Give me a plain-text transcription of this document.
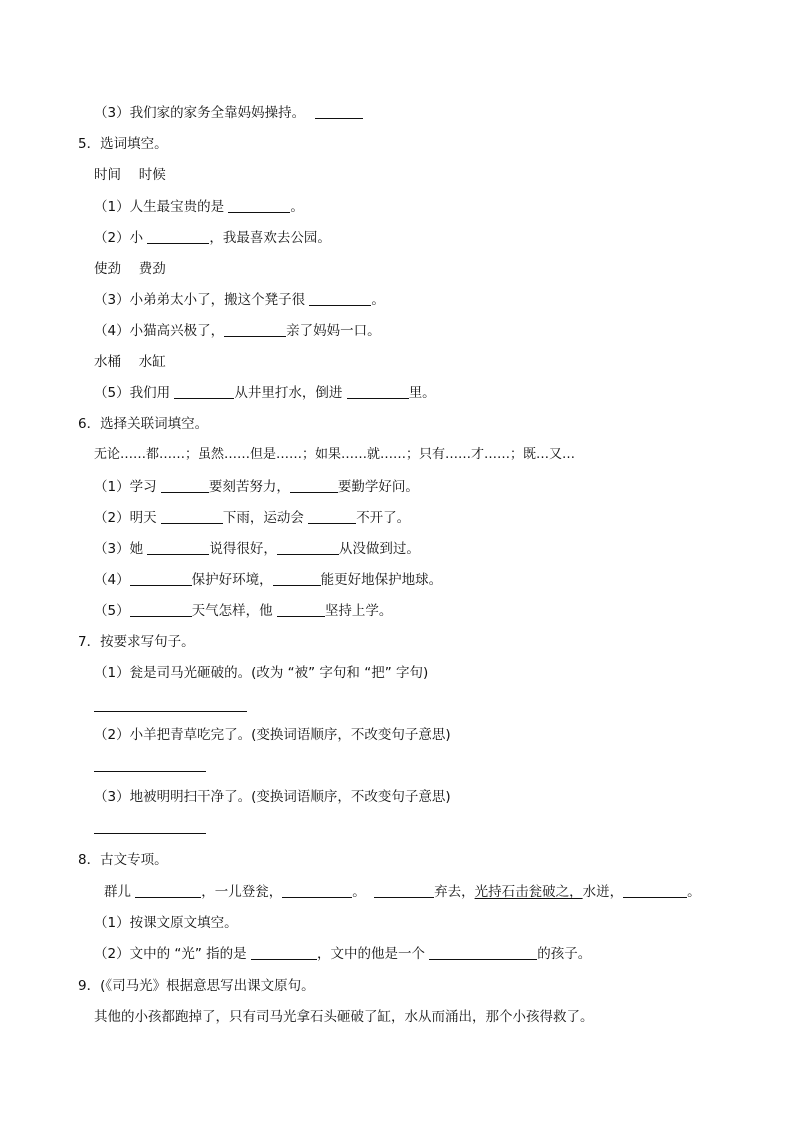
（3）我们家的家务全靠妈妈操持。
5．选词填空。
时间　 时候
（1）人生最宝贵的是	。
（2）小	，我最喜欢去公园。
使劲　 费劲
（3）小弟弟太小了，搬这个凳子很	。
（4）小猫高兴极了，	亲了妈妈一口。
水桶　 水缸
（5）我们用	从井里打水，倒进	里。
6．选择关联词填空。
无论……都……；虽然……但是……；如果……就……；只有……才……；既…又…
（1）学习	要刻苦努力，	要勤学好问。
（2）明天	下雨，运动会	不开了。
（3）她	说得很好，	从没做到过。
（4）	保护好环境，	能更好地保护地球。
（5）	天气怎样，他	坚持上学。
7．按要求写句子。
（1）瓮是司马光砸破的。(改为 “被” 字句和 “把” 字句)
（2）小羊把青草吃完了。(变换词语顺序，不改变句子意思)
（3）地被明明扫干净了。(变换词语顺序，不改变句子意思)
8．古文专项。
群儿	，一儿登瓮，	。	弃去，光持石击瓮破之，水迸，	。
（1）按课文原文填空。
（2）文中的 “光” 指的是	，文中的他是一个	的孩子。
9．(《司马光》根据意思写出课文原句。
其他的小孩都跑掉了，只有司马光拿石头砸破了缸，水从而涌出，那个小孩得救了。
